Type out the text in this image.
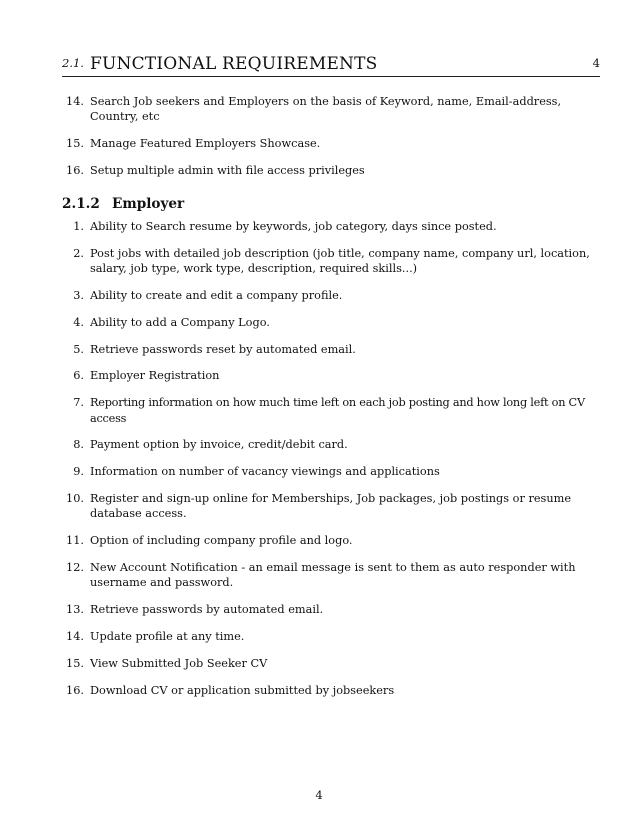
2.1. FUNCTIONAL REQUIREMENTS	4
14. Search Job seekers and Employers on the basis of Keyword, name, Email-address, Country, etc
15. Manage Featured Employers Showcase.
16. Setup multiple admin with file access privileges
2.1.2 Employer
1. Ability to Search resume by keywords, job category, days since posted.
2. Post jobs with detailed job description (job title, company name, company url, location, salary, job type, work type, description, required skills...)
3. Ability to create and edit a company profile.
4. Ability to add a Company Logo.
5. Retrieve passwords reset by automated email.
6. Employer Registration
7. Reporting information on how much time left on each job posting and how long left on CV access
8. Payment option by invoice, credit/debit card.
9. Information on number of vacancy viewings and applications
10. Register and sign-up online for Memberships, Job packages, job postings or resume database access.
11. Option of including company profile and logo.
12. New Account Notification - an email message is sent to them as auto responder with username and password.
13. Retrieve passwords by automated email.
14. Update profile at any time.
15. View Submitted Job Seeker CV
16. Download CV or application submitted by jobseekers
4
